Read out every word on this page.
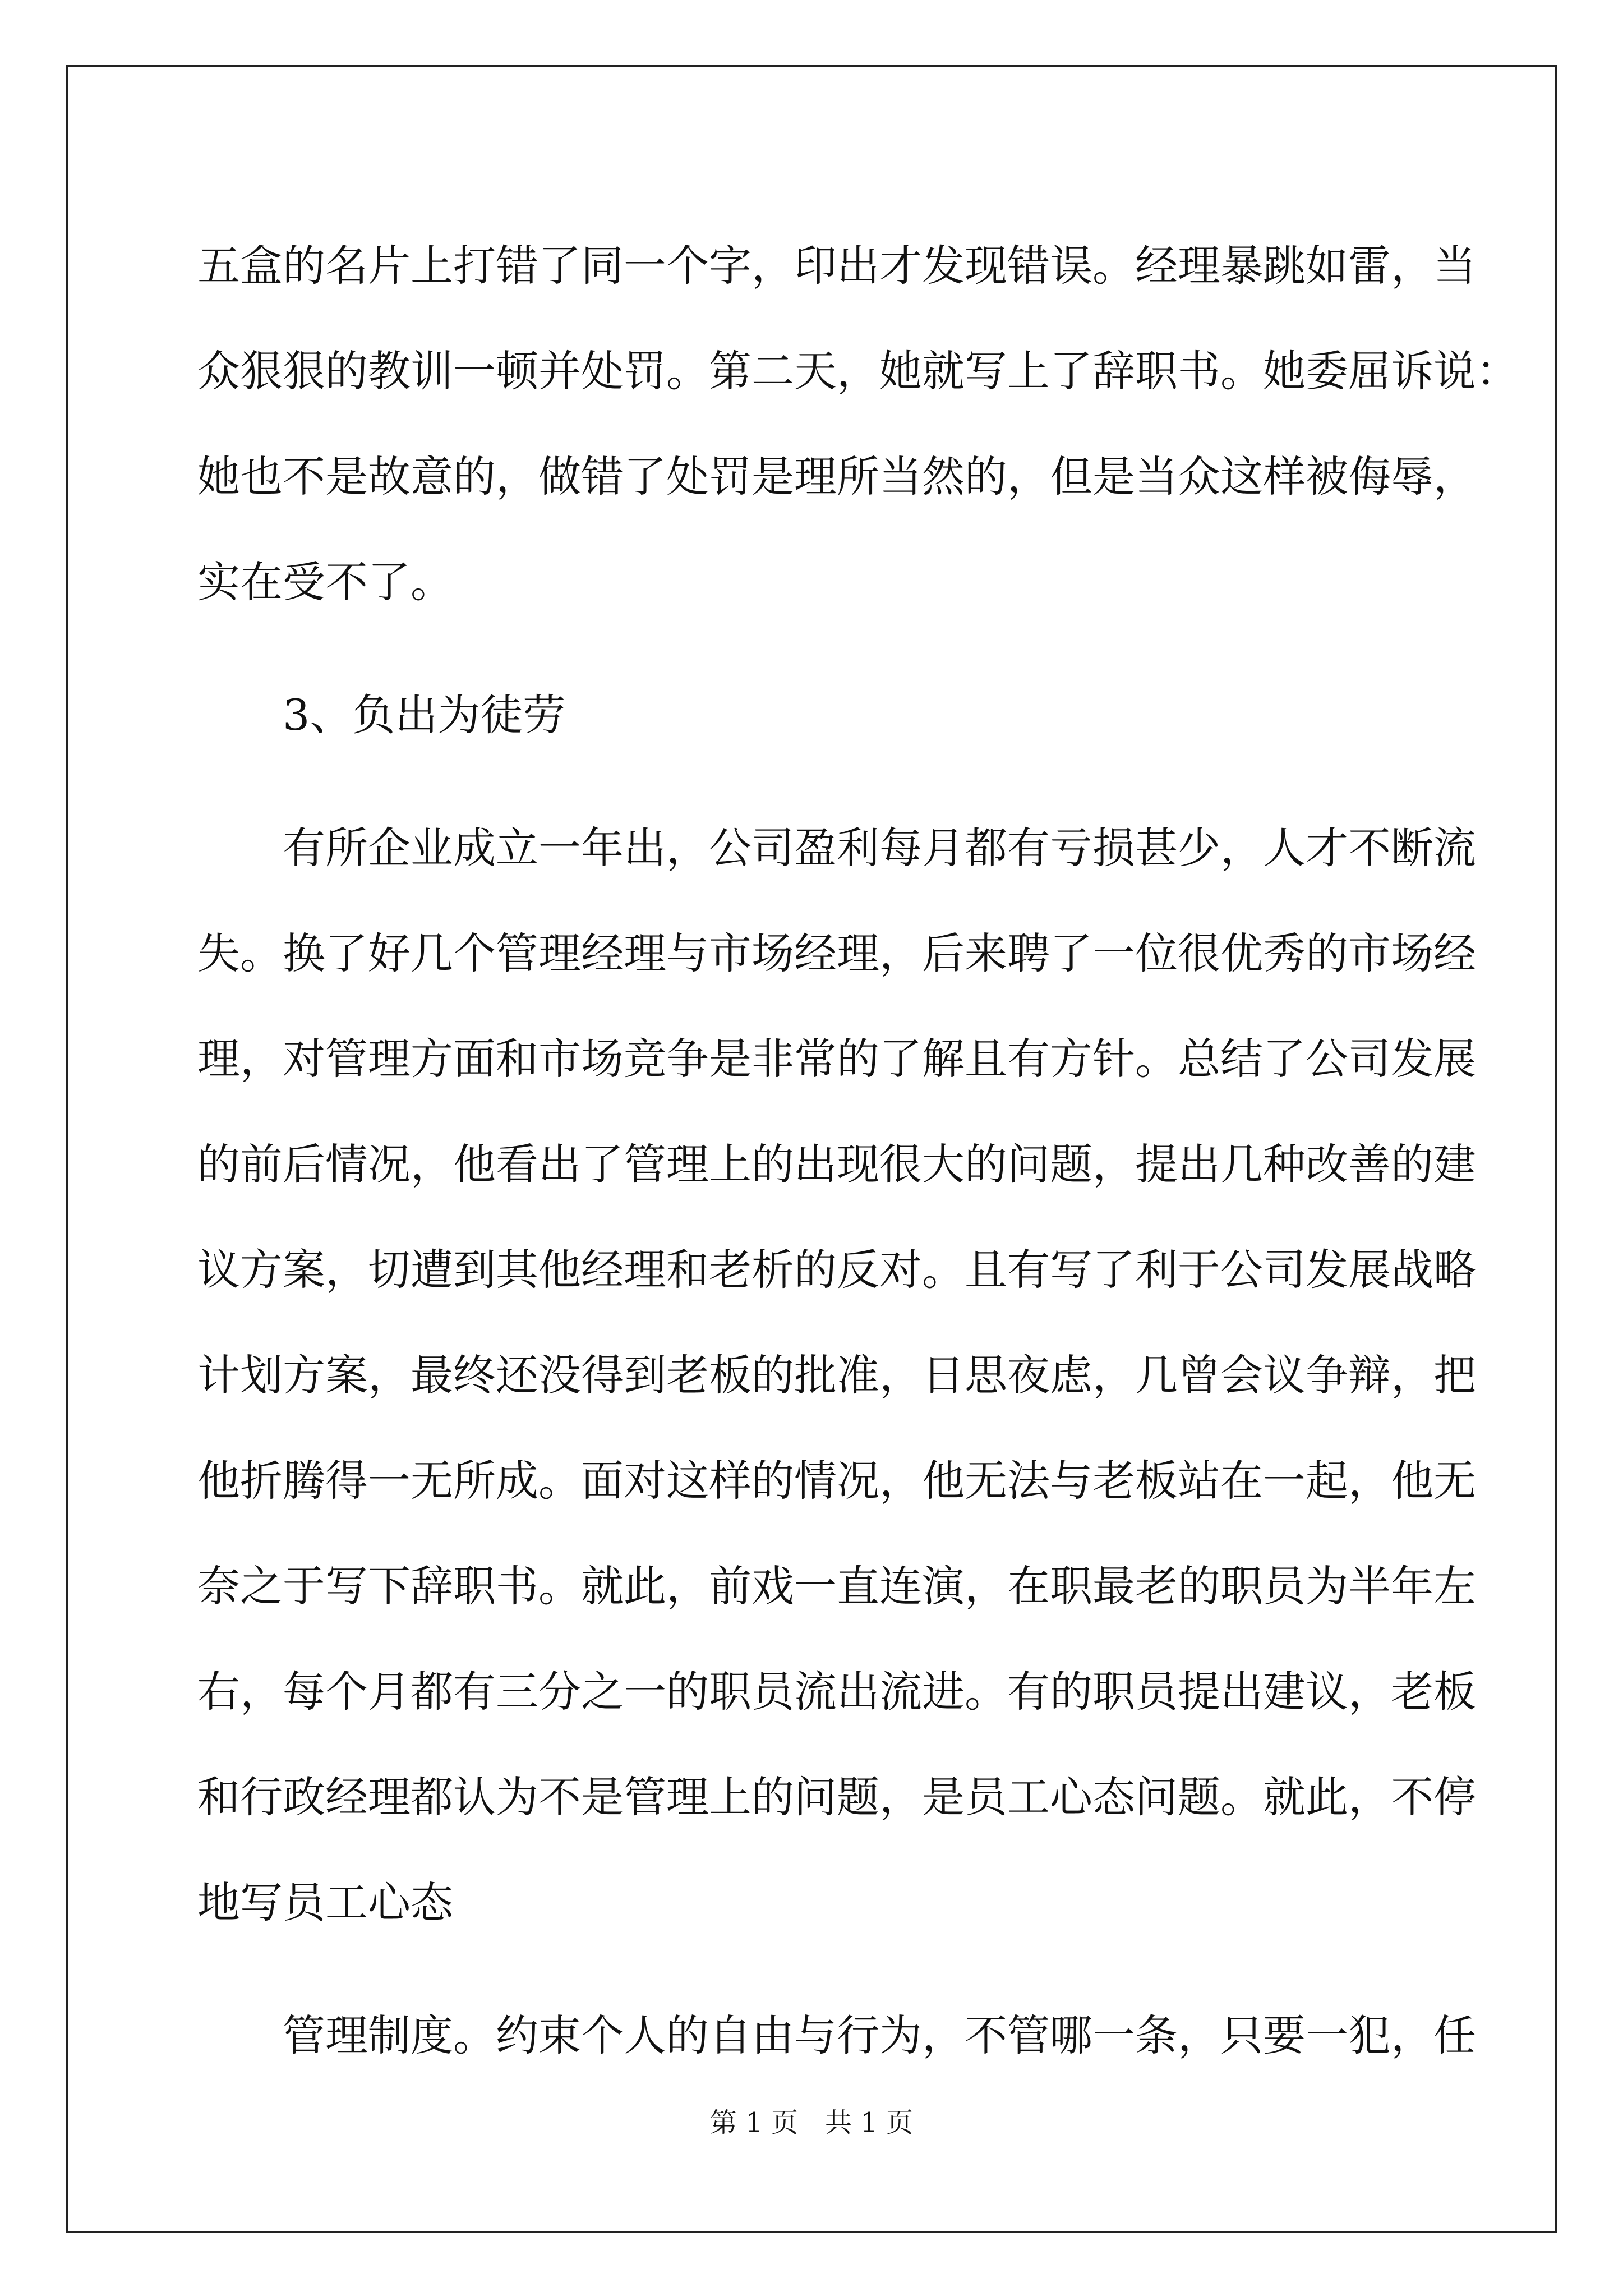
五盒的名片上打错了同一个字，印出才发现错误。经理暴跳如雷，当
众狠狠的教训一顿并处罚。第二天，她就写上了辞职书。她委屈诉说：
她也不是故意的，做错了处罚是理所当然的，但是当众这样被侮辱，
实在受不了。
3、负出为徒劳
有所企业成立一年出，公司盈利每月都有亏损甚少，人才不断流
失。换了好几个管理经理与市场经理，后来聘了一位很优秀的市场经
理，对管理方面和市场竞争是非常的了解且有方针。总结了公司发展
的前后情况，他看出了管理上的出现很大的问题，提出几种改善的建
议方案，切遭到其他经理和老析的反对。且有写了利于公司发展战略
计划方案，最终还没得到老板的批准，日思夜虑，几曾会议争辩，把
他折腾得一无所成。面对这样的情况，他无法与老板站在一起，他无
奈之于写下辞职书。就此，前戏一直连演，在职最老的职员为半年左
右，每个月都有三分之一的职员流出流进。有的职员提出建议，老板
和行政经理都认为不是管理上的问题，是员工心态问题。就此，不停
地写员工心态
管理制度。约束个人的自由与行为，不管哪一条，只要一犯，任
第 1 页　共 1 页
